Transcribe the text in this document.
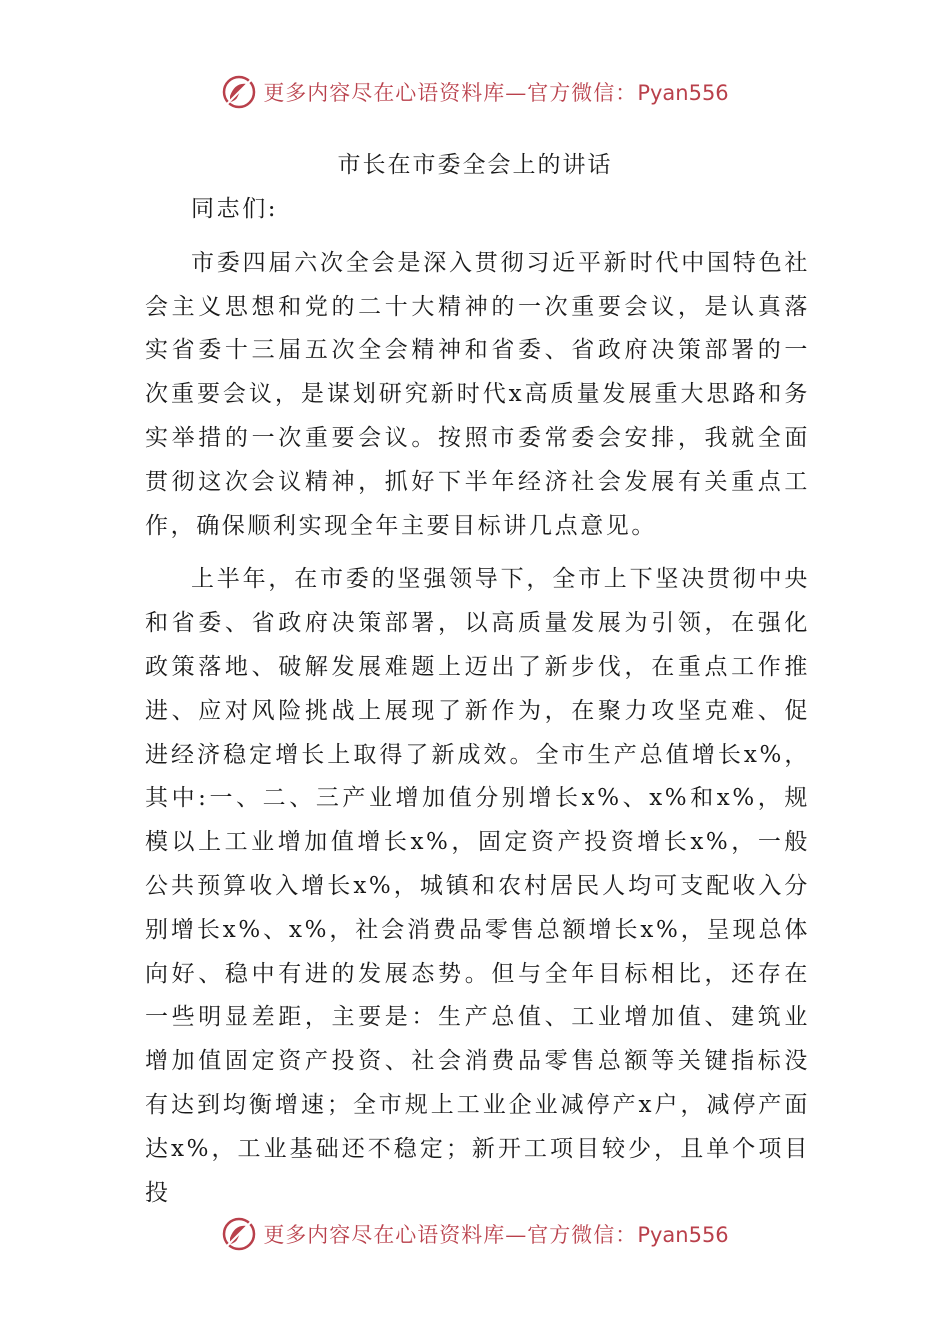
更多内容尽在心语资料库—官方微信：Pyan556
市长在市委全会上的讲话

同志们:

市委四届六次全会是深入贯彻习近平新时代中国特色社会主义思想和党的二十大精神的一次重要会议，是认真落实省委十三届五次全会精神和省委、省政府决策部署的一次重要会议，是谋划研究新时代x高质量发展重大思路和务实举措的一次重要会议。按照市委常委会安排，我就全面贯彻这次会议精神，抓好下半年经济社会发展有关重点工作，确保顺利实现全年主要目标讲几点意见。

上半年，在市委的坚强领导下，全市上下坚决贯彻中央和省委、省政府决策部署，以高质量发展为引领，在强化政策落地、破解发展难题上迈出了新步伐，在重点工作推进、应对风险挑战上展现了新作为，在聚力攻坚克难、促进经济稳定增长上取得了新成效。全市生产总值增长x%，其中:一、二、三产业增加值分别增长x%、x%和x%，规模以上工业增加值增长x%，固定资产投资增长x%，一般公共预算收入增长x%，城镇和农村居民人均可支配收入分别增长x%、x%，社会消费品零售总额增长x%，呈现总体向好、稳中有进的发展态势。但与全年目标相比，还存在一些明显差距，主要是：生产总值、工业增加值、建筑业增加值固定资产投资、社会消费品零售总额等关键指标没有达到均衡增速；全市规上工业企业减停产x户，减停产面达x%，工业基础还不稳定；新开工项目较少，且单个项目投

更多内容尽在心语资料库—官方微信：Pyan556
